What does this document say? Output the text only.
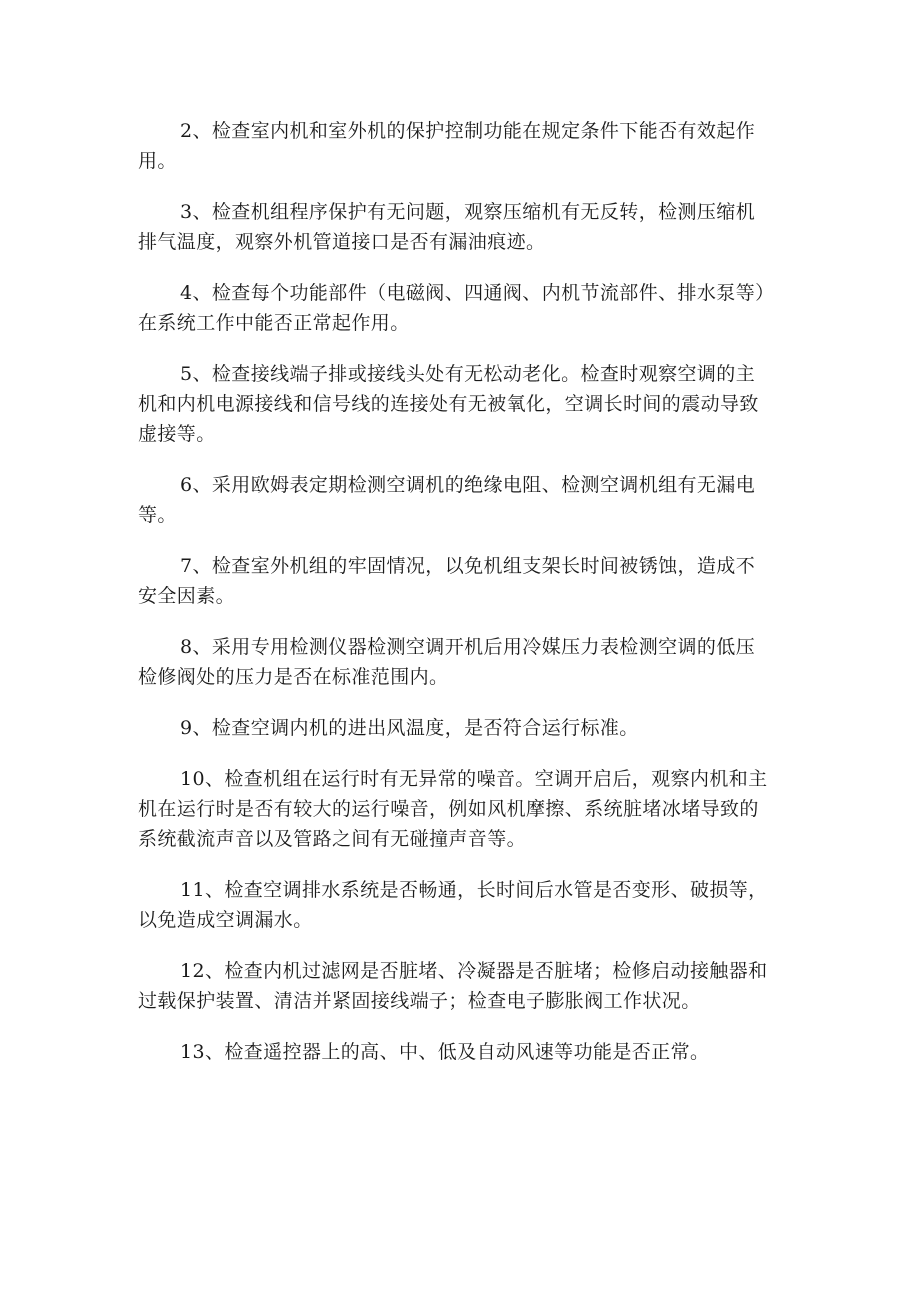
2、检查室内机和室外机的保护控制功能在规定条件下能否有效起作
用。
3、检查机组程序保护有无问题，观察压缩机有无反转，检测压缩机
排气温度，观察外机管道接口是否有漏油痕迹。
4、检查每个功能部件（电磁阀、四通阀、内机节流部件、排水泵等）
在系统工作中能否正常起作用。
5、检查接线端子排或接线头处有无松动老化。检查时观察空调的主
机和内机电源接线和信号线的连接处有无被氧化，空调长时间的震动导致
虚接等。
6、采用欧姆表定期检测空调机的绝缘电阻、检测空调机组有无漏电
等。
7、检查室外机组的牢固情况，以免机组支架长时间被锈蚀，造成不
安全因素。
8、采用专用检测仪器检测空调开机后用冷媒压力表检测空调的低压
检修阀处的压力是否在标准范围内。
9、检查空调内机的进出风温度，是否符合运行标准。
10、检查机组在运行时有无异常的噪音。空调开启后，观察内机和主
机在运行时是否有较大的运行噪音，例如风机摩擦、系统脏堵冰堵导致的
系统截流声音以及管路之间有无碰撞声音等。
11、检查空调排水系统是否畅通，长时间后水管是否变形、破损等，
以免造成空调漏水。
12、检查内机过滤网是否脏堵、冷凝器是否脏堵；检修启动接触器和
过载保护装置、清洁并紧固接线端子；检查电子膨胀阀工作状况。
13、检查遥控器上的高、中、低及自动风速等功能是否正常。
